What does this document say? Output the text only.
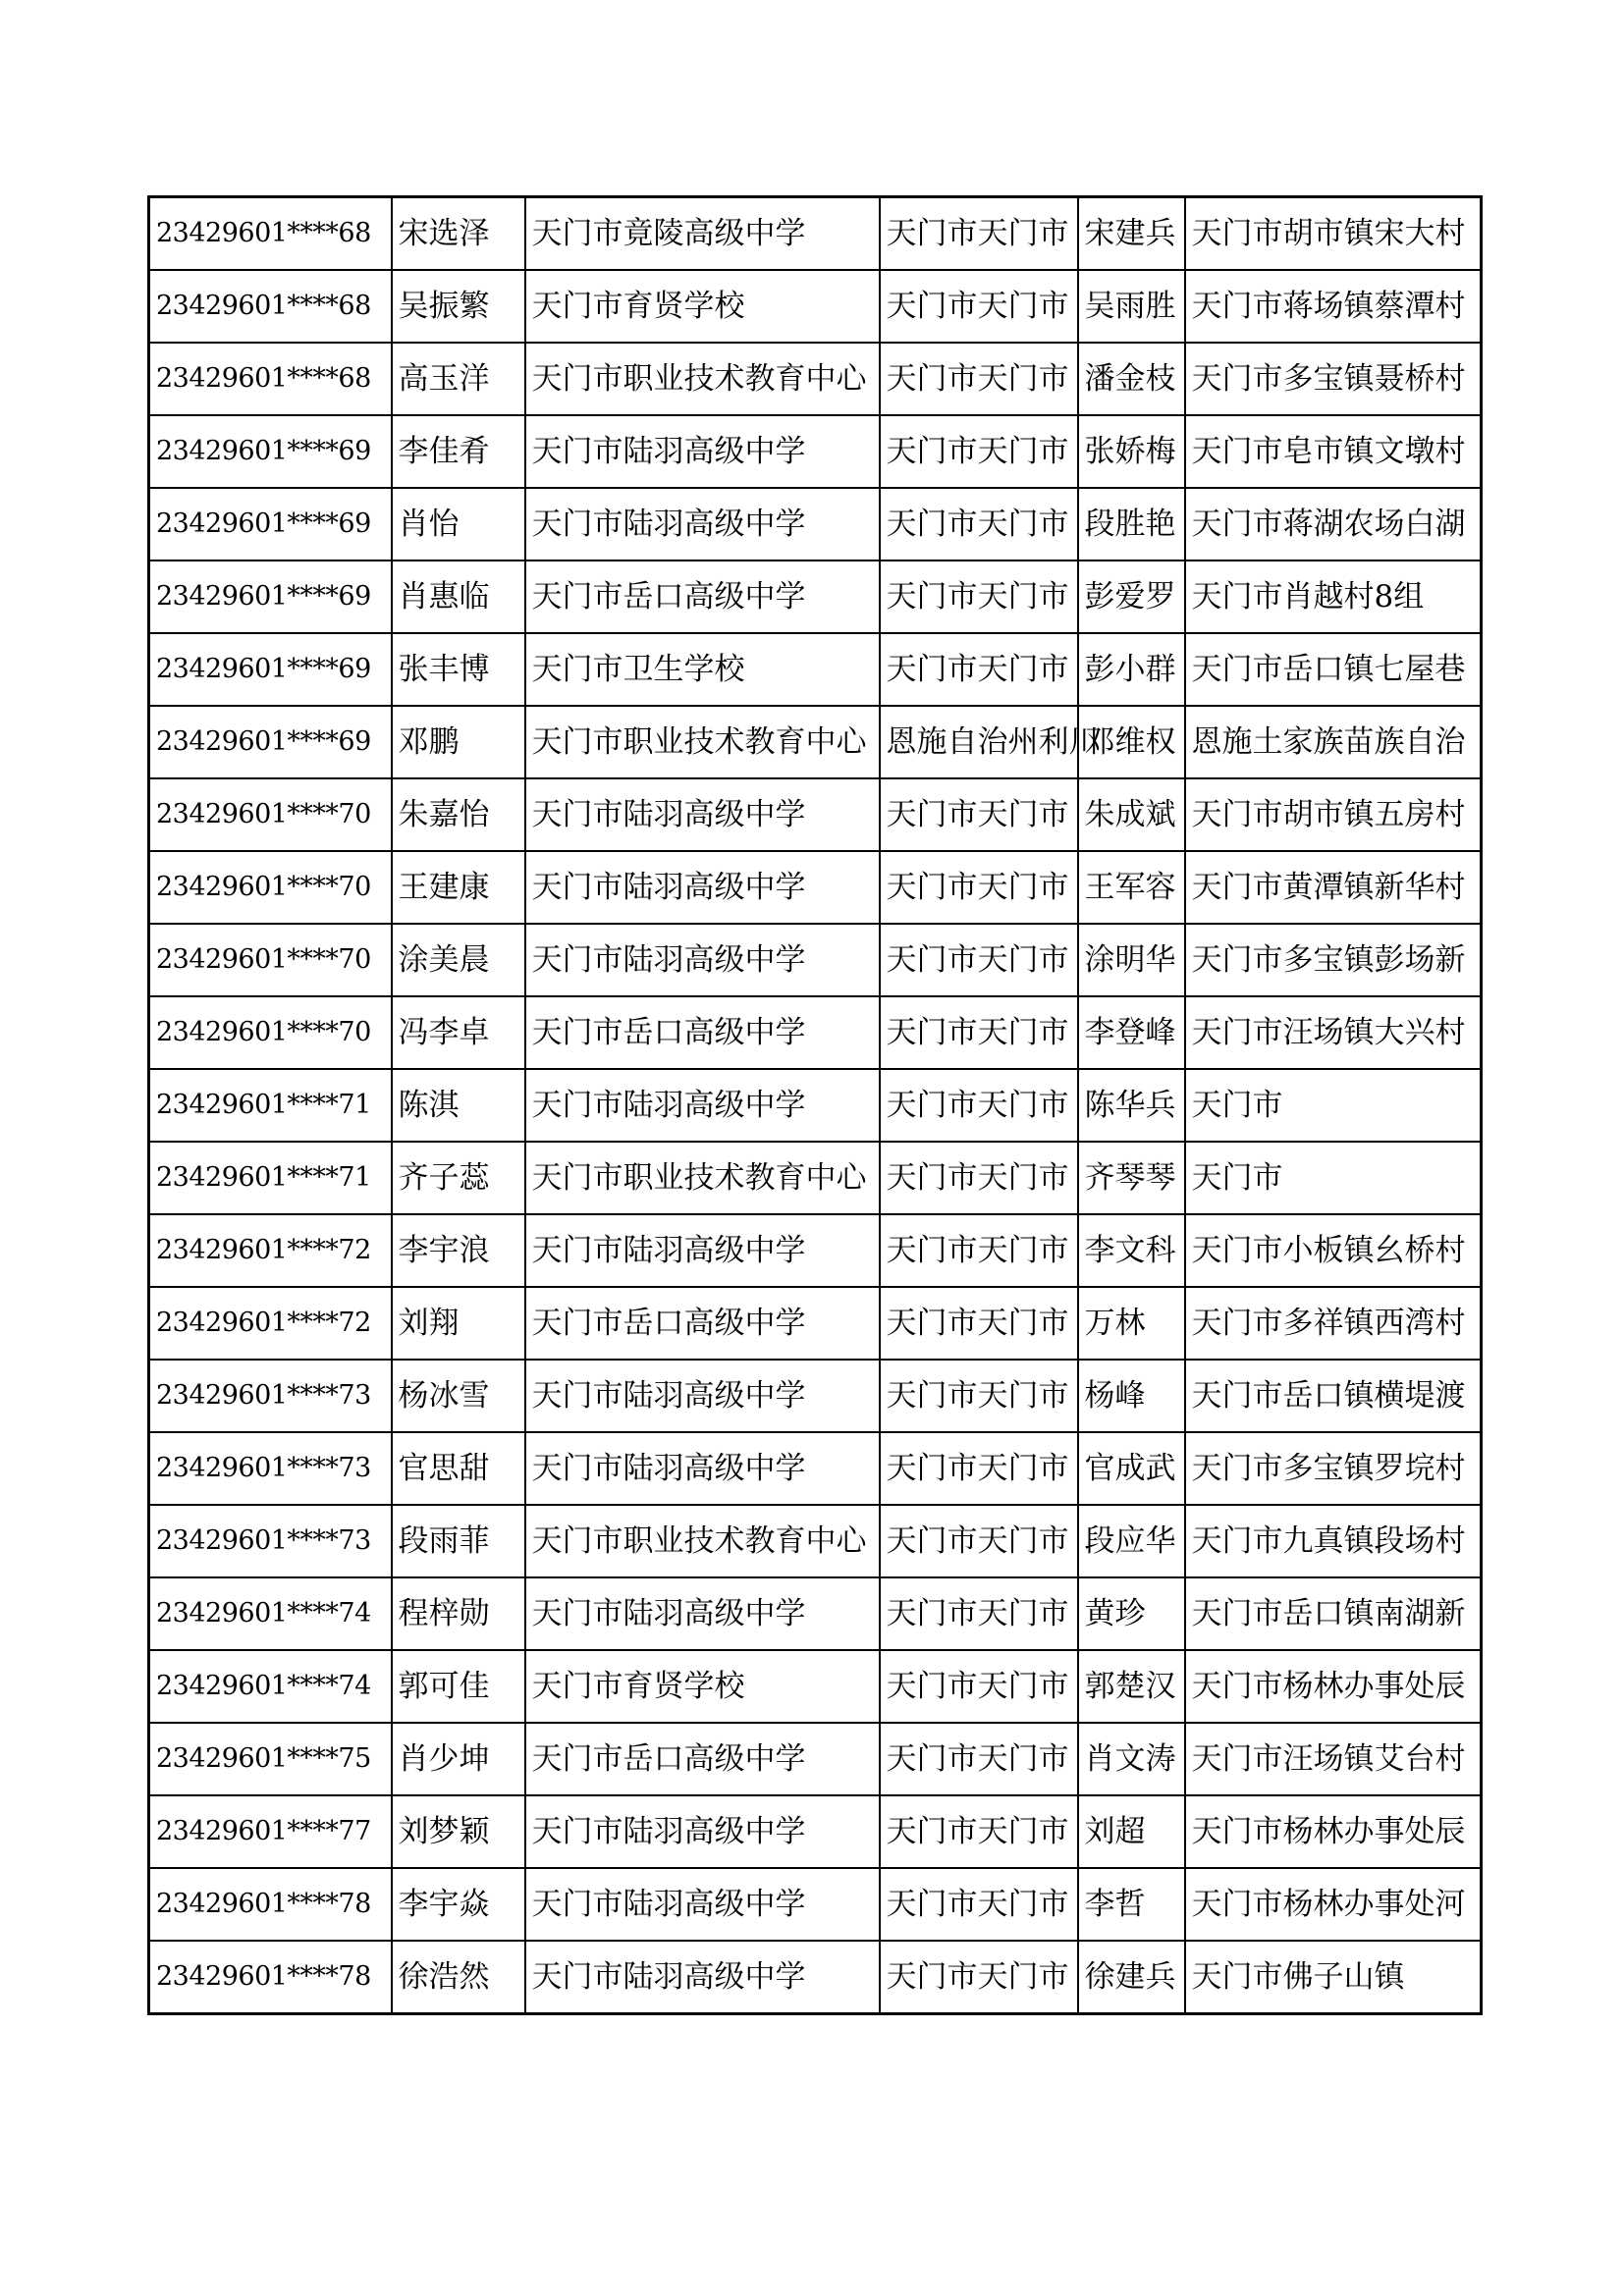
23429601****68	宋选泽	天门市竟陵高级中学	天门市天门市	宋建兵	天门市胡市镇宋大村
23429601****68	吴振繁	天门市育贤学校	天门市天门市	吴雨胜	天门市蒋场镇蔡潭村
23429601****68	高玉洋	天门市职业技术教育中心	天门市天门市	潘金枝	天门市多宝镇聂桥村
23429601****69	李佳肴	天门市陆羽高级中学	天门市天门市	张娇梅	天门市皂市镇文墩村
23429601****69	肖怡	天门市陆羽高级中学	天门市天门市	段胜艳	天门市蒋湖农场白湖
23429601****69	肖惠临	天门市岳口高级中学	天门市天门市	彭爱罗	天门市肖越村8组
23429601****69	张丰博	天门市卫生学校	天门市天门市	彭小群	天门市岳口镇七屋巷
23429601****69	邓鹏	天门市职业技术教育中心	恩施自治州利川	邓维权	恩施土家族苗族自治
23429601****70	朱嘉怡	天门市陆羽高级中学	天门市天门市	朱成斌	天门市胡市镇五房村
23429601****70	王建康	天门市陆羽高级中学	天门市天门市	王军容	天门市黄潭镇新华村
23429601****70	涂美晨	天门市陆羽高级中学	天门市天门市	涂明华	天门市多宝镇彭场新
23429601****70	冯李卓	天门市岳口高级中学	天门市天门市	李登峰	天门市汪场镇大兴村
23429601****71	陈淇	天门市陆羽高级中学	天门市天门市	陈华兵	天门市
23429601****71	齐子蕊	天门市职业技术教育中心	天门市天门市	齐琴琴	天门市
23429601****72	李宇浪	天门市陆羽高级中学	天门市天门市	李文科	天门市小板镇幺桥村
23429601****72	刘翔	天门市岳口高级中学	天门市天门市	万林	天门市多祥镇西湾村
23429601****73	杨冰雪	天门市陆羽高级中学	天门市天门市	杨峰	天门市岳口镇横堤渡
23429601****73	官思甜	天门市陆羽高级中学	天门市天门市	官成武	天门市多宝镇罗垸村
23429601****73	段雨菲	天门市职业技术教育中心	天门市天门市	段应华	天门市九真镇段场村
23429601****74	程梓勋	天门市陆羽高级中学	天门市天门市	黄珍	天门市岳口镇南湖新
23429601****74	郭可佳	天门市育贤学校	天门市天门市	郭楚汉	天门市杨林办事处辰
23429601****75	肖少坤	天门市岳口高级中学	天门市天门市	肖文涛	天门市汪场镇艾台村
23429601****77	刘梦颖	天门市陆羽高级中学	天门市天门市	刘超	天门市杨林办事处辰
23429601****78	李宇焱	天门市陆羽高级中学	天门市天门市	李哲	天门市杨林办事处河
23429601****78	徐浩然	天门市陆羽高级中学	天门市天门市	徐建兵	天门市佛子山镇
